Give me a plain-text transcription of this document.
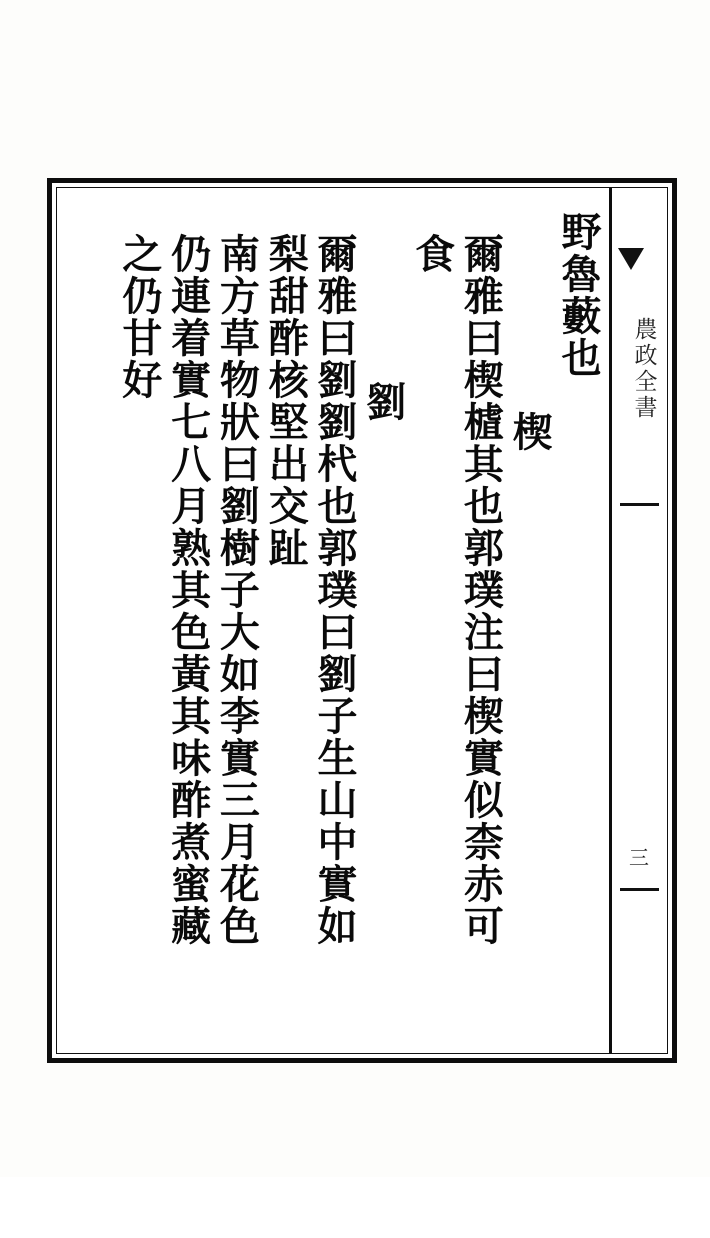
野魯藪也
楔
爾雅曰楔樝其也郭璞注曰楔實似柰赤可
食
劉
爾雅曰劉劉杙也郭璞曰劉子生山中實如
梨甜酢核堅出交趾
南方草物狀曰劉樹子大如李實三月花色
仍連着實七八月熟其色黃其味酢煮蜜藏
之仍甘好	農政全書
三
